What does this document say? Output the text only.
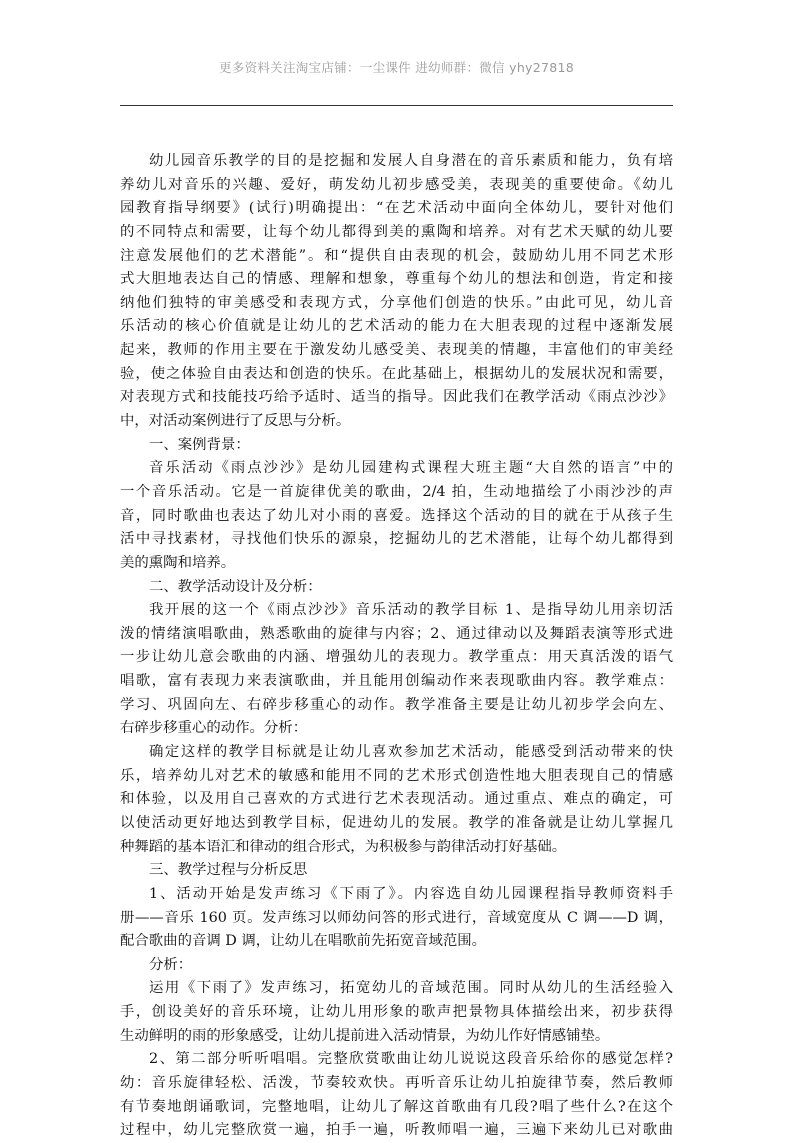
更多资料关注淘宝店铺：一尘课件 进幼师群：微信 yhy27818
幼儿园音乐教学的目的是挖掘和发展人自身潜在的音乐素质和能力，负有培
养幼儿对音乐的兴趣、爱好，萌发幼儿初步感受美，表现美的重要使命。《幼儿
园教育指导纲要》(试行)明确提出：“在艺术活动中面向全体幼儿，要针对他们
的不同特点和需要，让每个幼儿都得到美的熏陶和培养。对有艺术天赋的幼儿要
注意发展他们的艺术潜能”。和“提供自由表现的机会，鼓励幼儿用不同艺术形
式大胆地表达自己的情感、理解和想象，尊重每个幼儿的想法和创造，肯定和接
纳他们独特的审美感受和表现方式，分享他们创造的快乐。”由此可见，幼儿音
乐活动的核心价值就是让幼儿的艺术活动的能力在大胆表现的过程中逐渐发展
起来，教师的作用主要在于激发幼儿感受美、表现美的情趣，丰富他们的审美经
验，使之体验自由表达和创造的快乐。在此基础上，根据幼儿的发展状况和需要，
对表现方式和技能技巧给予适时、适当的指导。因此我们在教学活动《雨点沙沙》
中，对活动案例进行了反思与分析。
一、案例背景：
音乐活动《雨点沙沙》是幼儿园建构式课程大班主题“大自然的语言”中的
一个音乐活动。它是一首旋律优美的歌曲，2/4 拍，生动地描绘了小雨沙沙的声
音，同时歌曲也表达了幼儿对小雨的喜爱。选择这个活动的目的就在于从孩子生
活中寻找素材，寻找他们快乐的源泉，挖掘幼儿的艺术潜能，让每个幼儿都得到
美的熏陶和培养。
二、教学活动设计及分析：
我开展的这一个《雨点沙沙》音乐活动的教学目标 1、是指导幼儿用亲切活
泼的情绪演唱歌曲，熟悉歌曲的旋律与内容；2、通过律动以及舞蹈表演等形式进
一步让幼儿意会歌曲的内涵、增强幼儿的表现力。教学重点：用天真活泼的语气
唱歌，富有表现力来表演歌曲，并且能用创编动作来表现歌曲内容。教学难点：
学习、巩固向左、右碎步移重心的动作。教学准备主要是让幼儿初步学会向左、
右碎步移重心的动作。分析：
确定这样的教学目标就是让幼儿喜欢参加艺术活动，能感受到活动带来的快
乐，培养幼儿对艺术的敏感和能用不同的艺术形式创造性地大胆表现自己的情感
和体验，以及用自己喜欢的方式进行艺术表现活动。通过重点、难点的确定，可
以使活动更好地达到教学目标，促进幼儿的发展。教学的准备就是让幼儿掌握几
种舞蹈的基本语汇和律动的组合形式，为积极参与韵律活动打好基础。
三、教学过程与分析反思
1、活动开始是发声练习《下雨了》。内容选自幼儿园课程指导教师资料手
册——音乐 160 页。发声练习以师幼问答的形式进行，音域宽度从 C 调——D 调，
配合歌曲的音调 D 调，让幼儿在唱歌前先拓宽音域范围。
分析：
运用《下雨了》发声练习，拓宽幼儿的音域范围。同时从幼儿的生活经验入
手，创设美好的音乐环境，让幼儿用形象的歌声把景物具体描绘出来，初步获得
生动鲜明的雨的形象感受，让幼儿提前进入活动情景，为幼儿作好情感铺垫。
2、第二部分听听唱唱。完整欣赏歌曲让幼儿说说这段音乐给你的感觉怎样?
幼：音乐旋律轻松、活泼，节奏较欢快。再听音乐让幼儿拍旋律节奏，然后教师
有节奏地朗诵歌词，完整地唱，让幼儿了解这首歌曲有几段?唱了些什么?在这个
过程中，幼儿完整欣赏一遍，拍手一遍，听教师唱一遍，三遍下来幼儿已对歌曲
